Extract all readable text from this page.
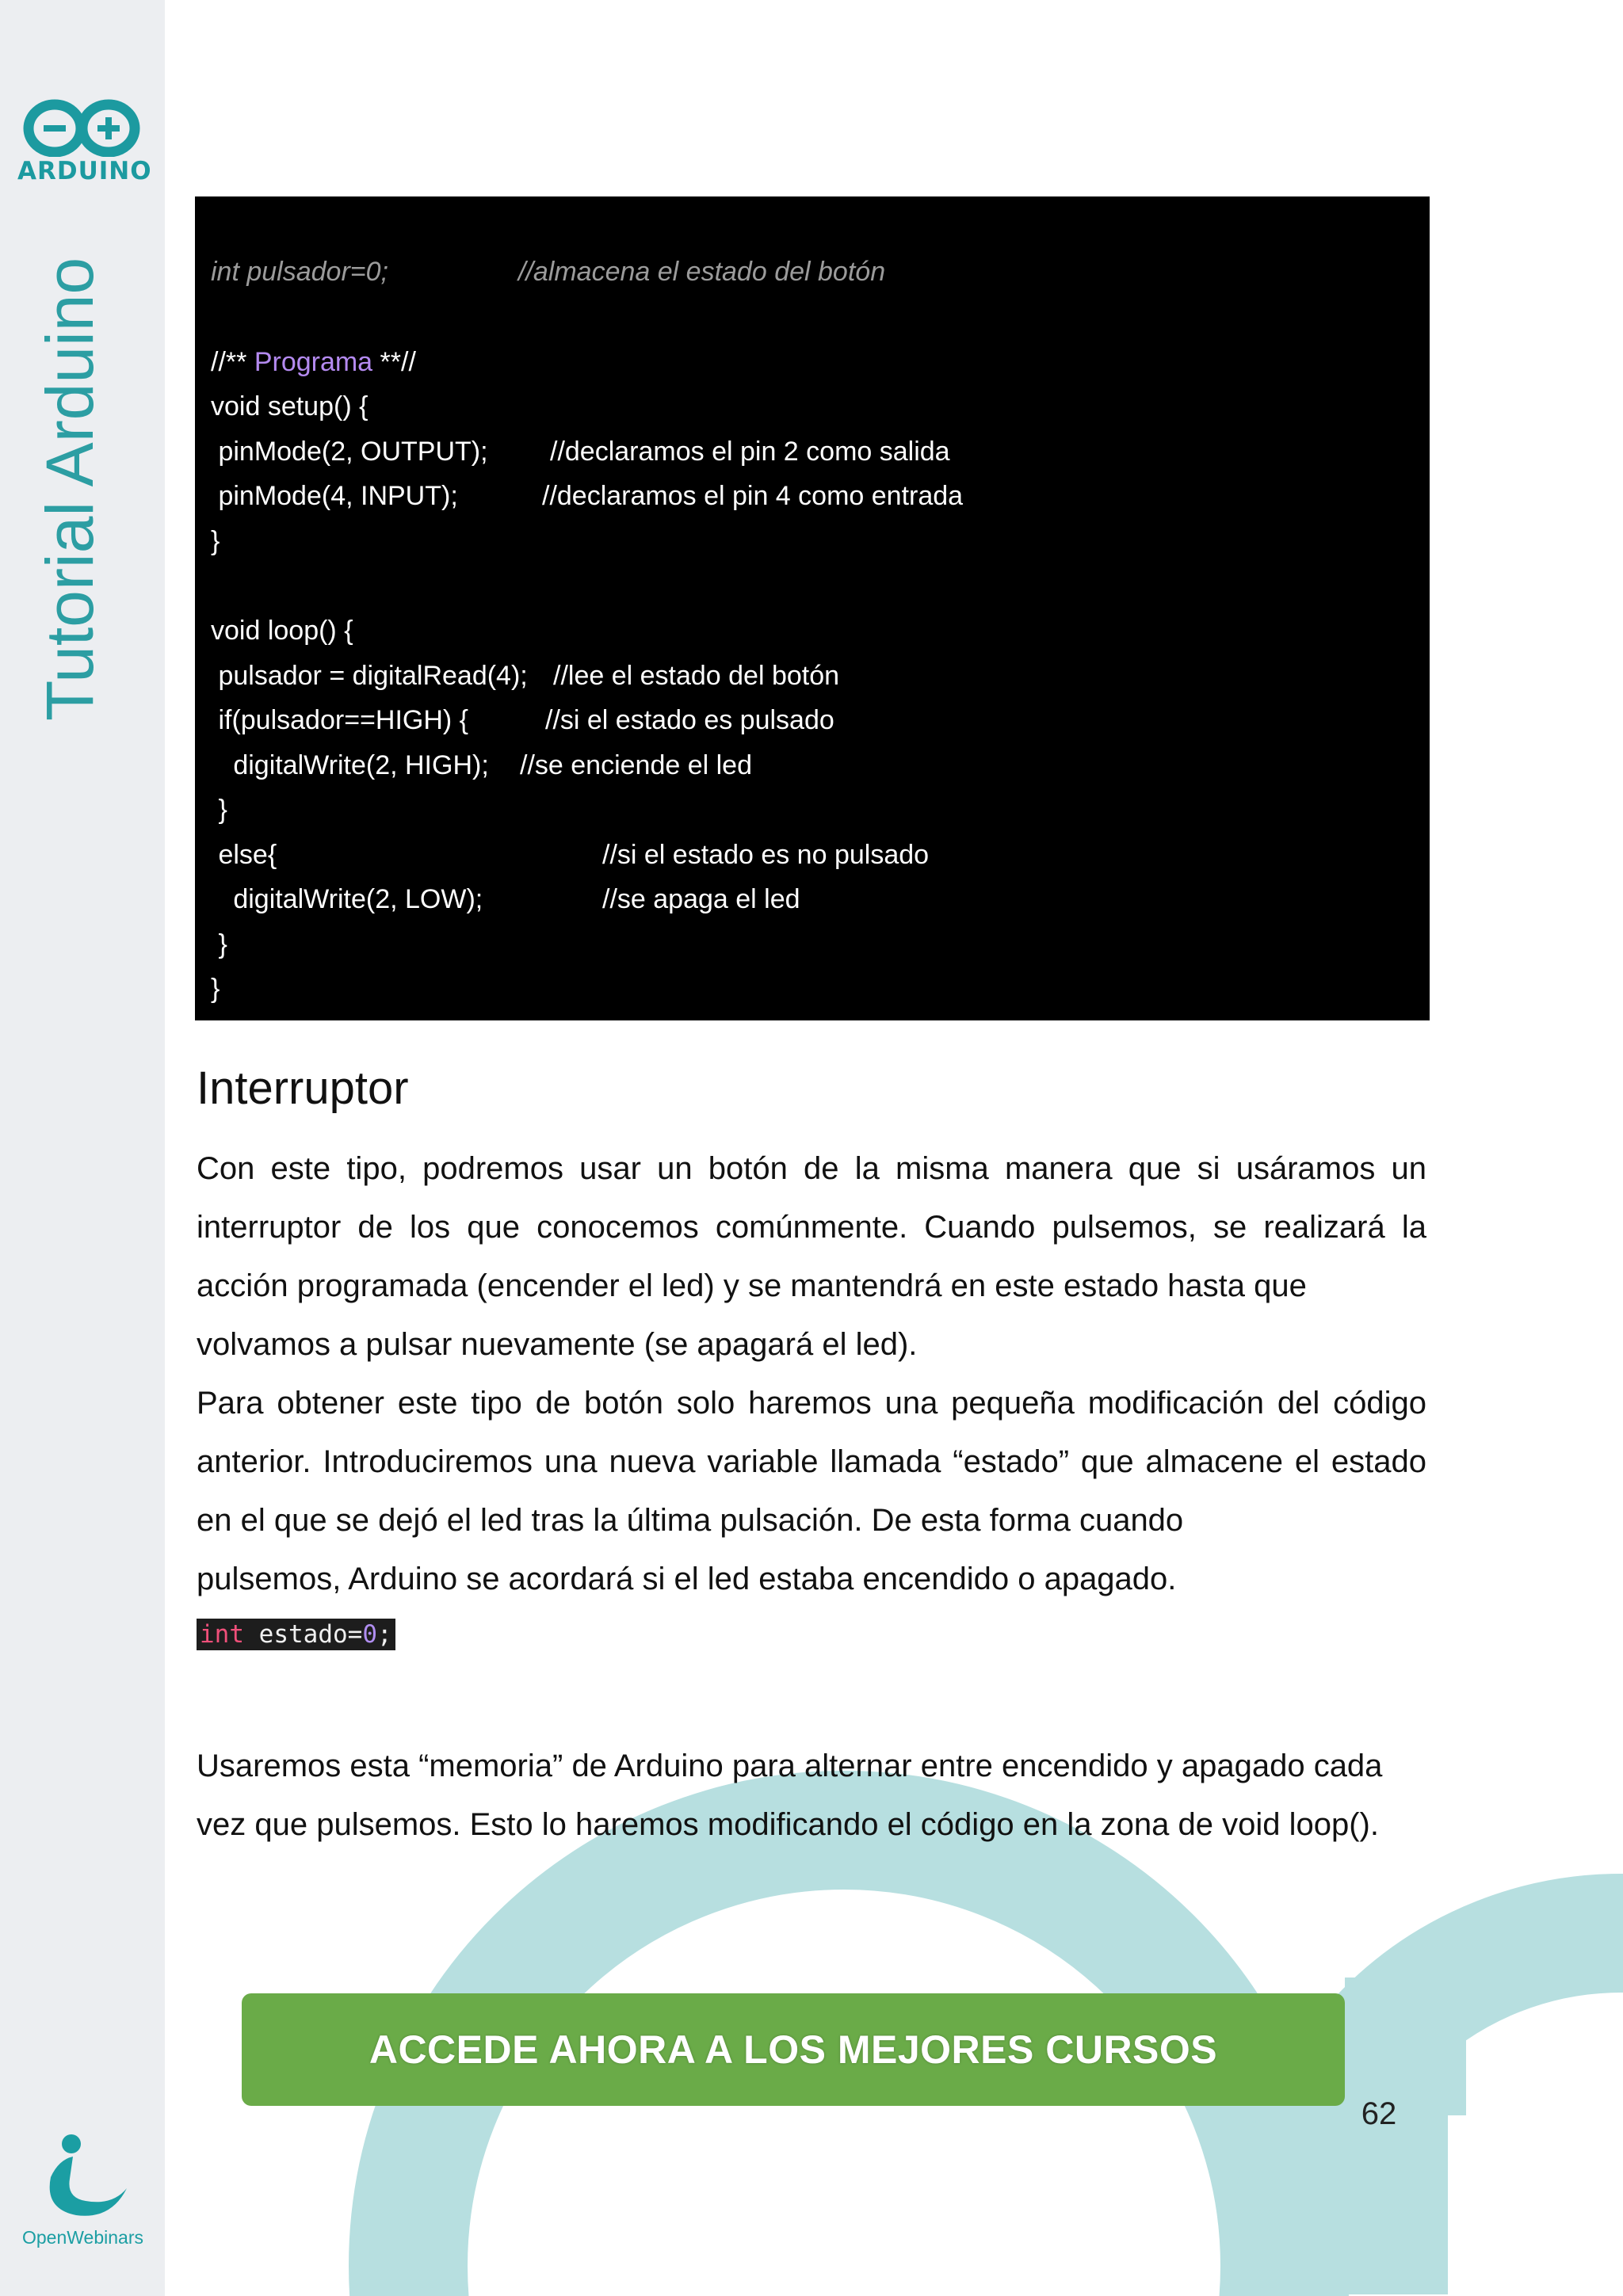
ARDUINO
Tutorial Arduino
OpenWebinars
int pulsador=0;	//almacena el estado del botón
//** Programa **//
void setup() {
pinMode(2, OUTPUT); //declaramos el pin 2 como salida
pinMode(4, INPUT);	//declaramos el pin 4 como entrada
}
void loop() {
pulsador = digitalRead(4); //lee el estado del botón
if(pulsador==HIGH) {	//si el estado es pulsado
digitalWrite(2, HIGH); //se enciende el led
}
else{	//si el estado es no pulsado
digitalWrite(2, LOW);	//se apaga el led
}
}
Interruptor
Con este tipo, podremos usar un botón de la misma manera que si usáramos un interruptor de los que conocemos comúnmente. Cuando pulsemos, se realizará la acción programada (encender el led) y se mantendrá en este estado hasta que
volvamos a pulsar nuevamente (se apagará el led).
Para obtener este tipo de botón solo haremos una pequeña modificación del código anterior. Introduciremos una nueva variable llamada “estado” que almacene el estado en el que se dejó el led tras la última pulsación. De esta forma cuando
pulsemos, Arduino se acordará si el led estaba encendido o apagado.
int estado=0;
Usaremos esta “memoria” de Arduino para alternar entre encendido y apagado cada
vez que pulsemos. Esto lo haremos modificando el código en la zona de void loop().
ACCEDE AHORA A LOS MEJORES CURSOS
62
